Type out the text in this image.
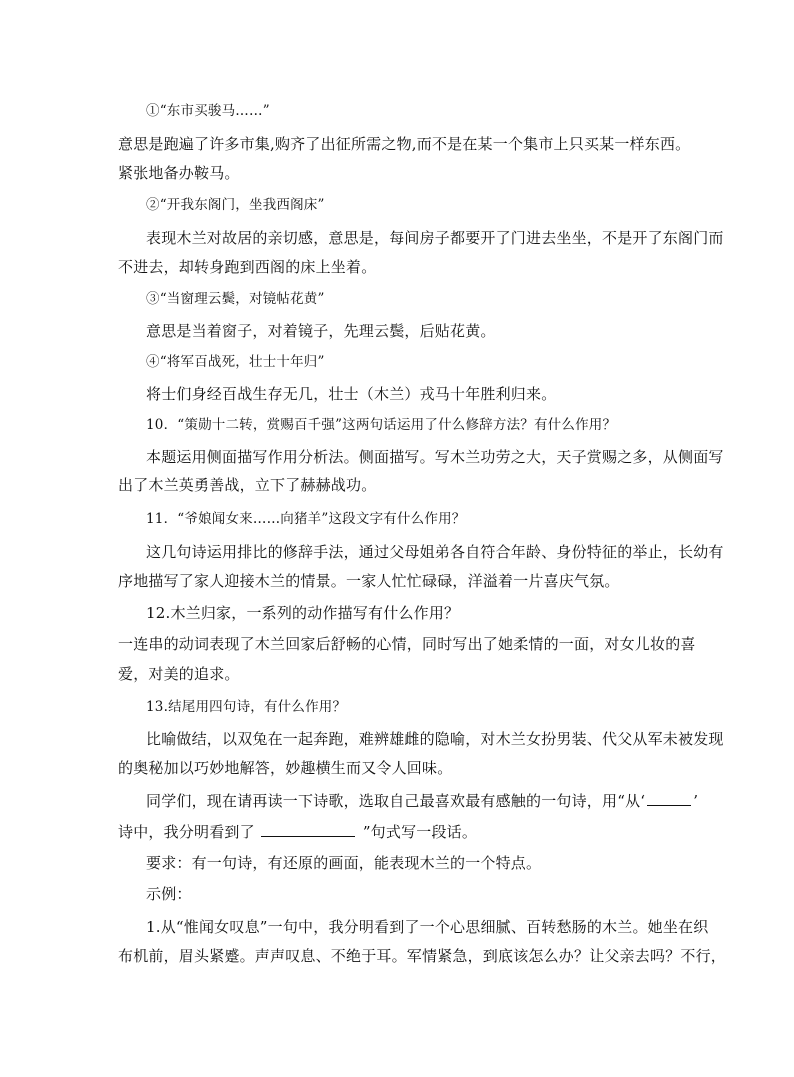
①“东市买骏马……”
意思是跑遍了许多市集,购齐了出征所需之物,而不是在某一个集市上只买某一样东西。
紧张地备办鞍马。
②“开我东阁门，坐我西阁床”
表现木兰对故居的亲切感，意思是，每间房子都要开了门进去坐坐，不是开了东阁门而
不进去，却转身跑到西阁的床上坐着。
③“当窗理云鬓，对镜帖花黄”
意思是当着窗子，对着镜子，先理云鬓，后贴花黄。
④“将军百战死，壮士十年归”
将士们身经百战生存无几，壮士（木兰）戎马十年胜利归来。
10．“策勋十二转，赏赐百千强”这两句话运用了什么修辞方法？有什么作用？
本题运用侧面描写作用分析法。侧面描写。写木兰功劳之大，天子赏赐之多，从侧面写
出了木兰英勇善战，立下了赫赫战功。
11．“爷娘闻女来……向猪羊”这段文字有什么作用？
这几句诗运用排比的修辞手法，通过父母姐弟各自符合年龄、身份特征的举止，长幼有
序地描写了家人迎接木兰的情景。一家人忙忙碌碌，洋溢着一片喜庆气氛。
12.木兰归家，一系列的动作描写有什么作用？
一连串的动词表现了木兰回家后舒畅的心情，同时写出了她柔情的一面，对女儿妆的喜
爱，对美的追求。
13.结尾用四句诗，有什么作用？
比喻做结，以双兔在一起奔跑，难辨雄雌的隐喻，对木兰女扮男装、代父从军未被发现
的奥秘加以巧妙地解答，妙趣横生而又令人回味。
同学们，现在请再读一下诗歌，选取自己最喜欢最有感触的一句诗，用“从‘	’
诗中，我分明看到了	”句式写一段话。
要求：有一句诗，有还原的画面，能表现木兰的一个特点。
示例：
1.从“惟闻女叹息”一句中，我分明看到了一个心思细腻、百转愁肠的木兰。她坐在织
布机前，眉头紧蹙。声声叹息、不绝于耳。军情紧急，到底该怎么办？让父亲去吗？不行，
